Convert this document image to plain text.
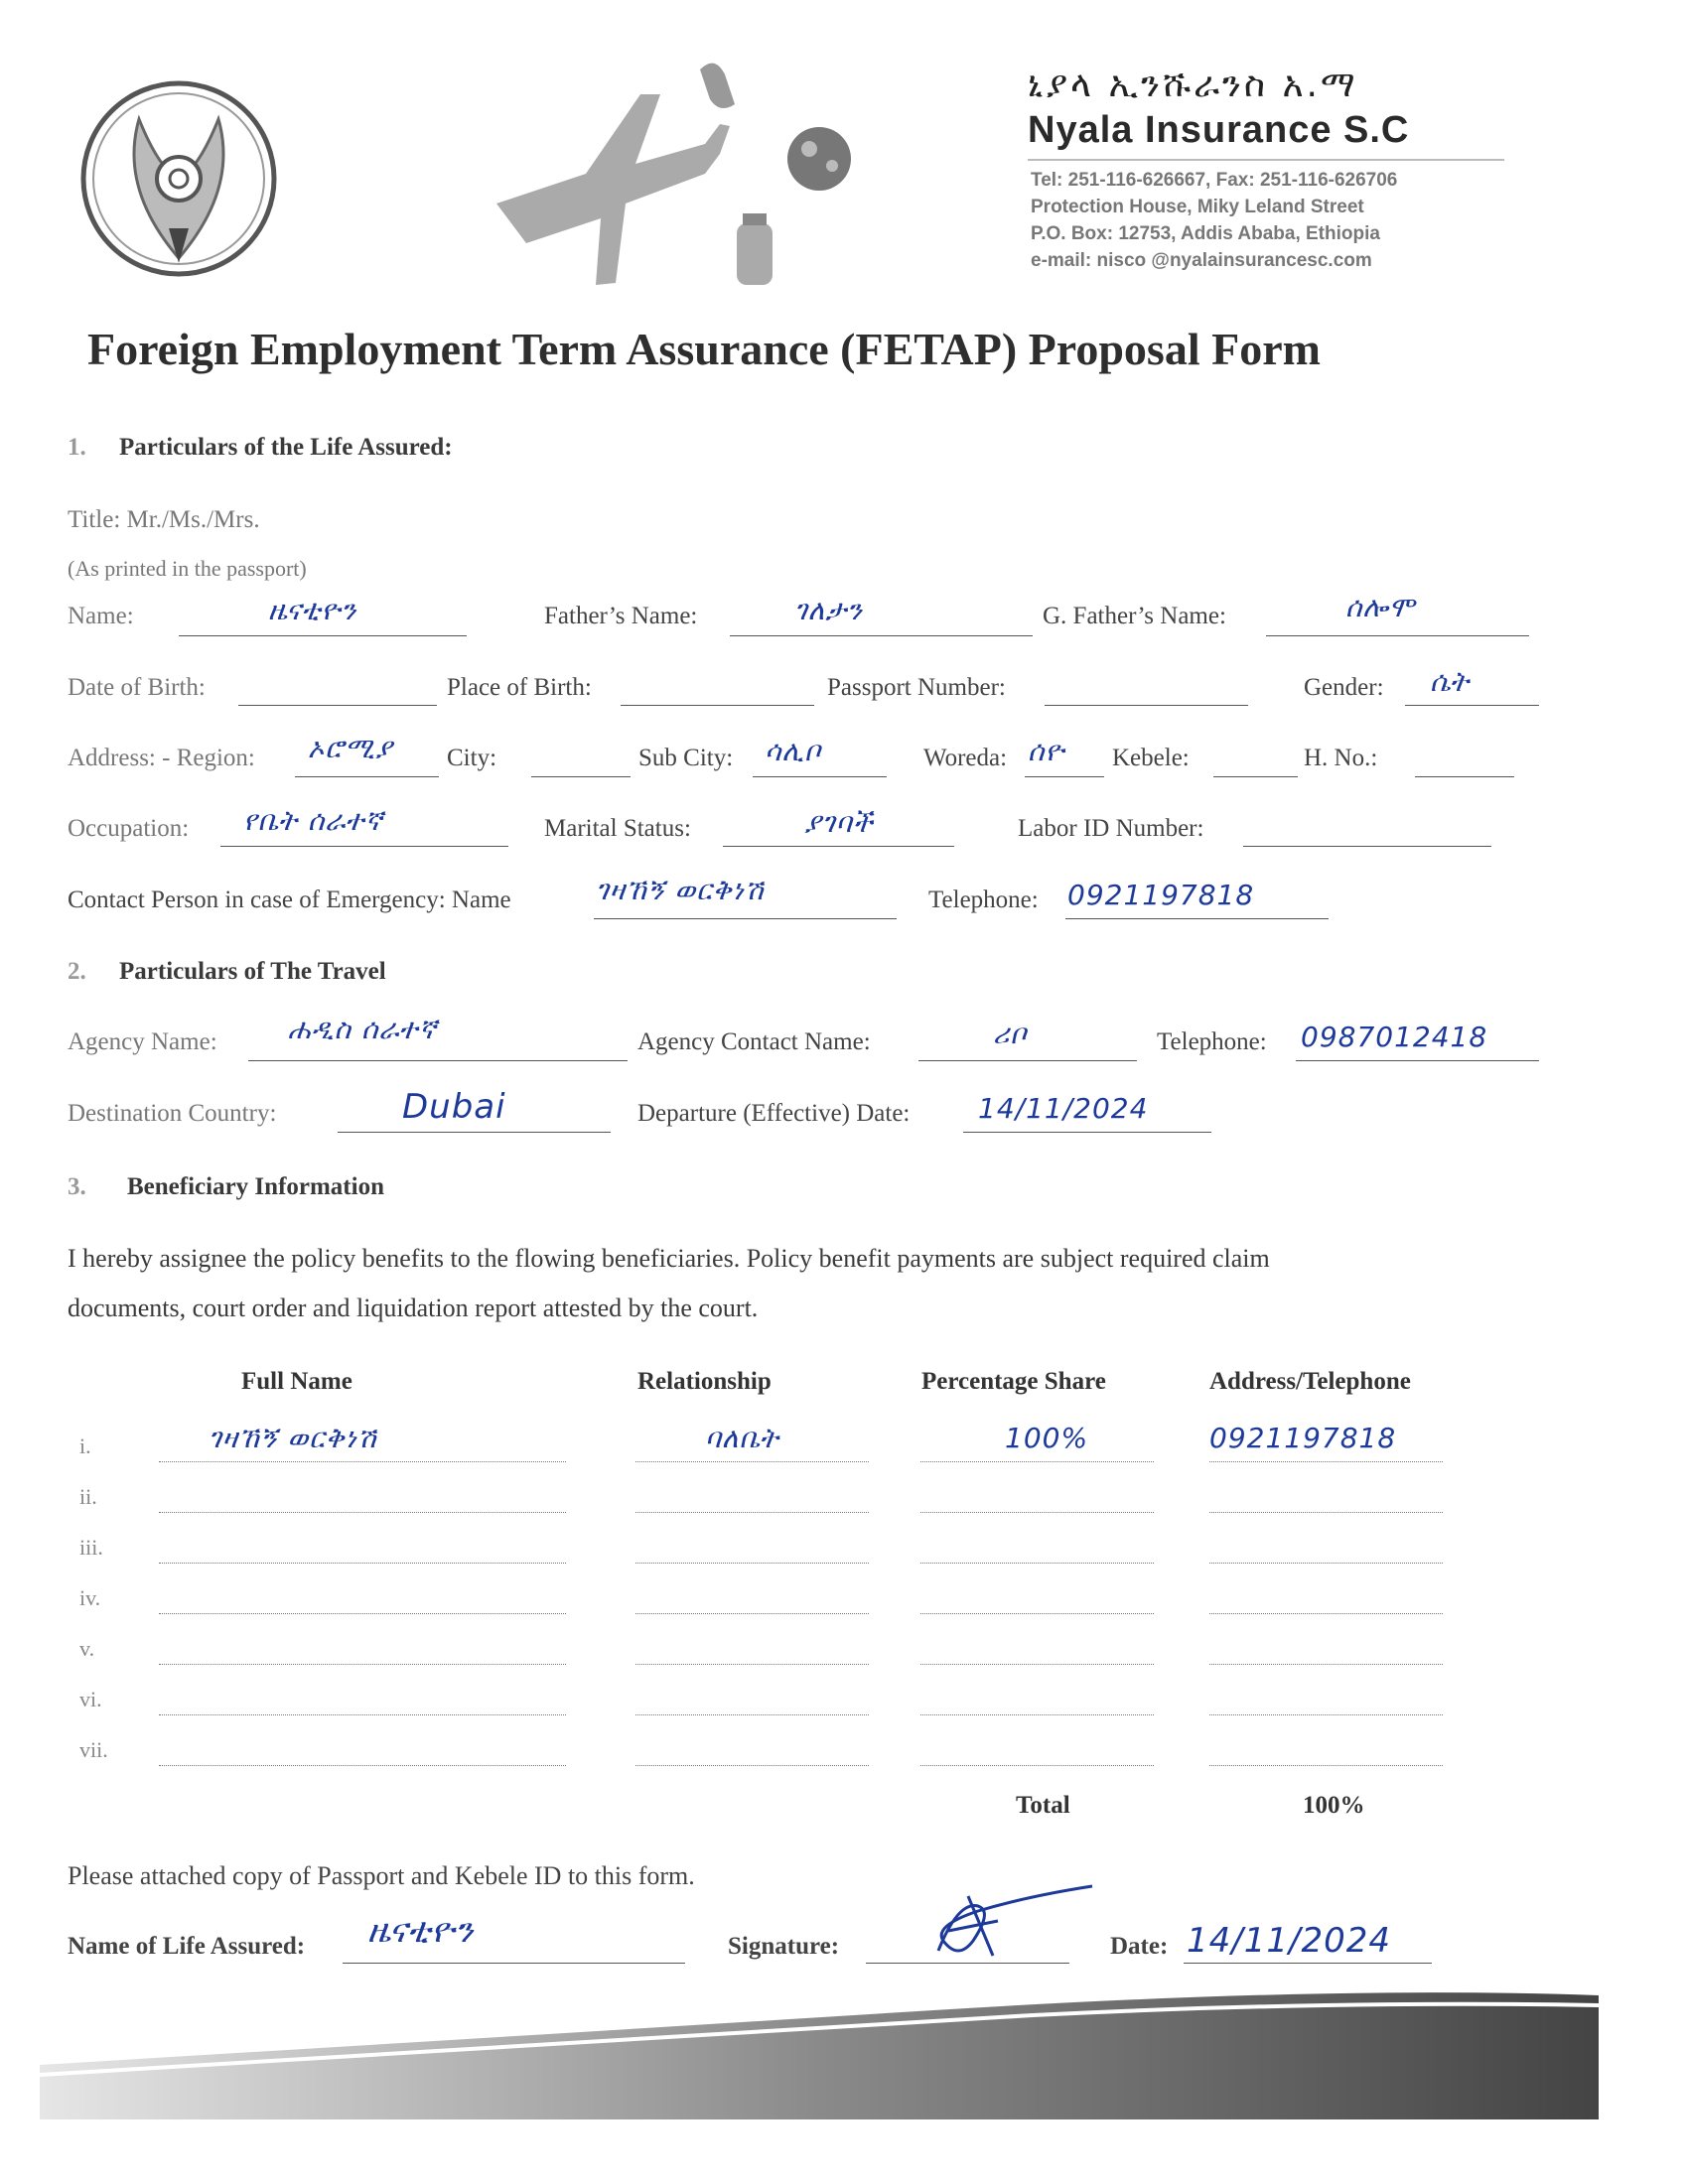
ኒያላ ኢንሹራንስ አ.ማ
Nyala Insurance S.C
Tel: 251-116-626667, Fax: 251-116-626706
Protection House, Miky Leland Street
P.O. Box: 12753, Addis Ababa, Ethiopia
e-mail: nisco @nyalainsurancesc.com
Foreign Employment Term Assurance (FETAP) Proposal Form
1. Particulars of the Life Assured:
Title: Mr./Ms./Mrs.
(As printed in the passport)
Name:	ዜናቲዮን	Father’s Name:	ገለታን	G. Father’s Name:	ሰሎሞ
Date of Birth:	Place of Birth:	Passport Number:	Gender: ሴት
Address: - Region: ኦሮሚያ City:	Sub City: ሳሊቦ	Woreda: ሰዮ Kebele:	H. No.:
Occupation: የቤት ሰራተኛ	Marital Status:	ያገባች	Labor ID Number:
Contact Person in case of Emergency: Name	ገዛኸኝ ወርቅነሽ	Telephone: 0921197818
2. Particulars of The Travel
Agency Name:	ሐዲስ ሰራተኛ	Agency Contact Name:	ሪቦ	Telephone: 0987012418
Destination Country:	Dubai	Departure (Effective) Date: 14/11/2024
3. Beneficiary Information
I hereby assignee the policy benefits to the flowing beneficiaries. Policy benefit payments are subject required claim
documents, court order and liquidation report attested by the court.
Full Name	Relationship	Percentage Share	Address/Telephone
i.	ገዛኸኝ ወርቅነሽ	ባለቤት	100%	0921197818
ii.
iii.
iv.
v.
vi.
vii.
Total	100%
Please attached copy of Passport and Kebele ID to this form.
Name of Life Assured: ዜናቲዮን	Signature:	Date: 14/11/2024
